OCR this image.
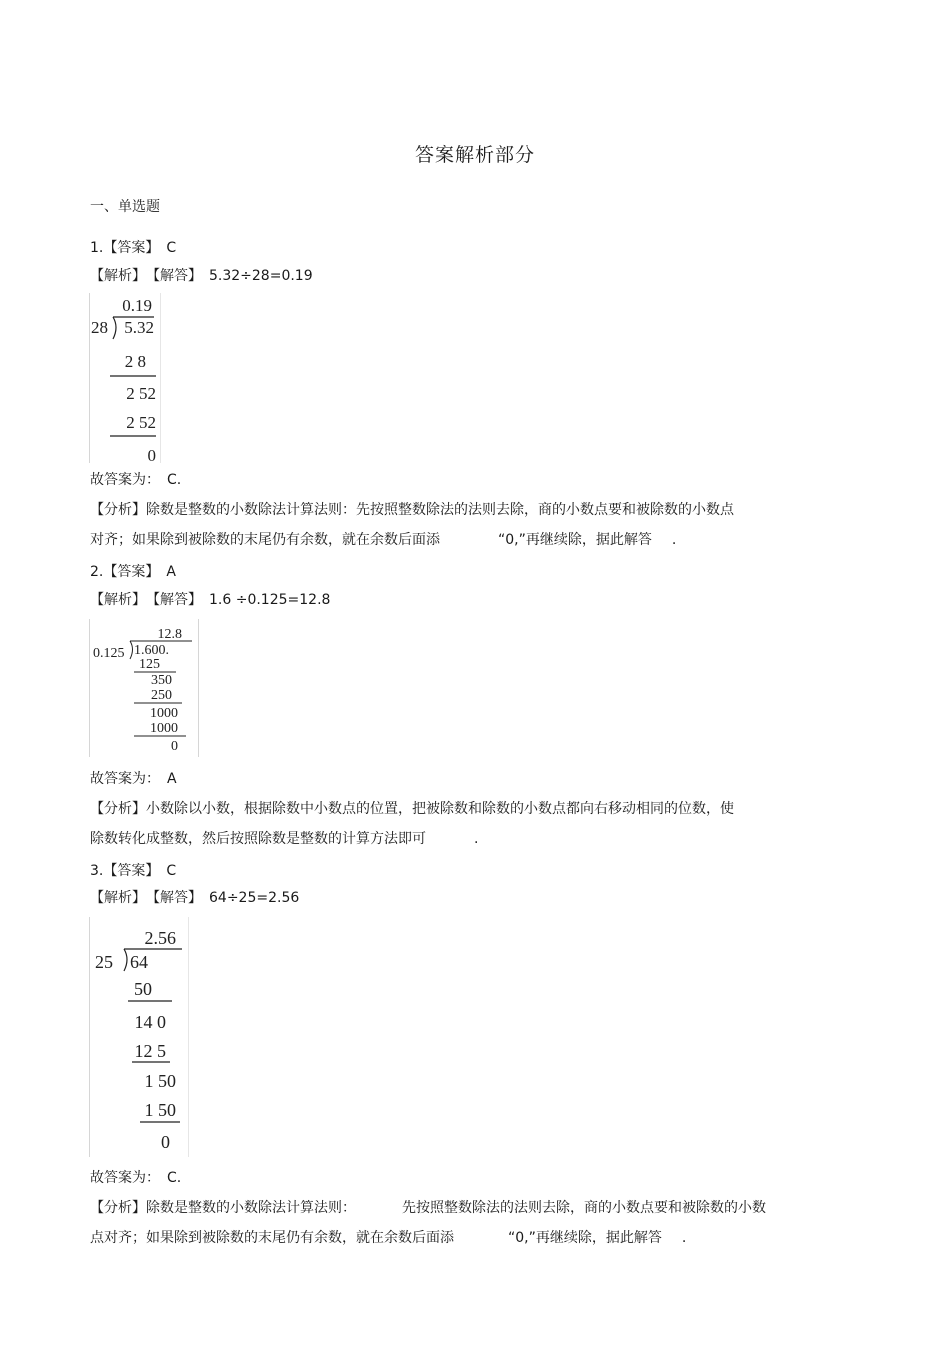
答案解析部分
一、单选题
1.【答案】　C
【解析】　【解答】　5.32÷28=0.19
0.19
28 5.32
2 8
2 52
2 52
0
故答案为：　C.
【分析】除数是整数的小数除法计算法则：先按照整数除法的法则去除，商的小数点要和被除数的小数点
对齐；如果除到被除数的末尾仍有余数，就在余数后面添	“0,”再继续除，据此解答 .
2.【答案】　A
【解析】　【解答】　1.6 ÷0.125=12.8
12.8
0.125 1.600.
125
350
250
1000
1000
0
故答案为：　A
【分析】小数除以小数，根据除数中小数点的位置，把被除数和除数的小数点都向右移动相同的位数，使
除数转化成整数，然后按照除数是整数的计算方法即可	.
3.【答案】　C
【解析】　【解答】　64÷25=2.56
2.56
25 64
50
14 0
12 5
1 50
1 50
0
故答案为：　C.
【分析】除数是整数的小数除法计算法则：	先按照整数除法的法则去除，商的小数点要和被除数的小数
点对齐；如果除到被除数的末尾仍有余数，就在余数后面添	“0,”再继续除，据此解答 .
